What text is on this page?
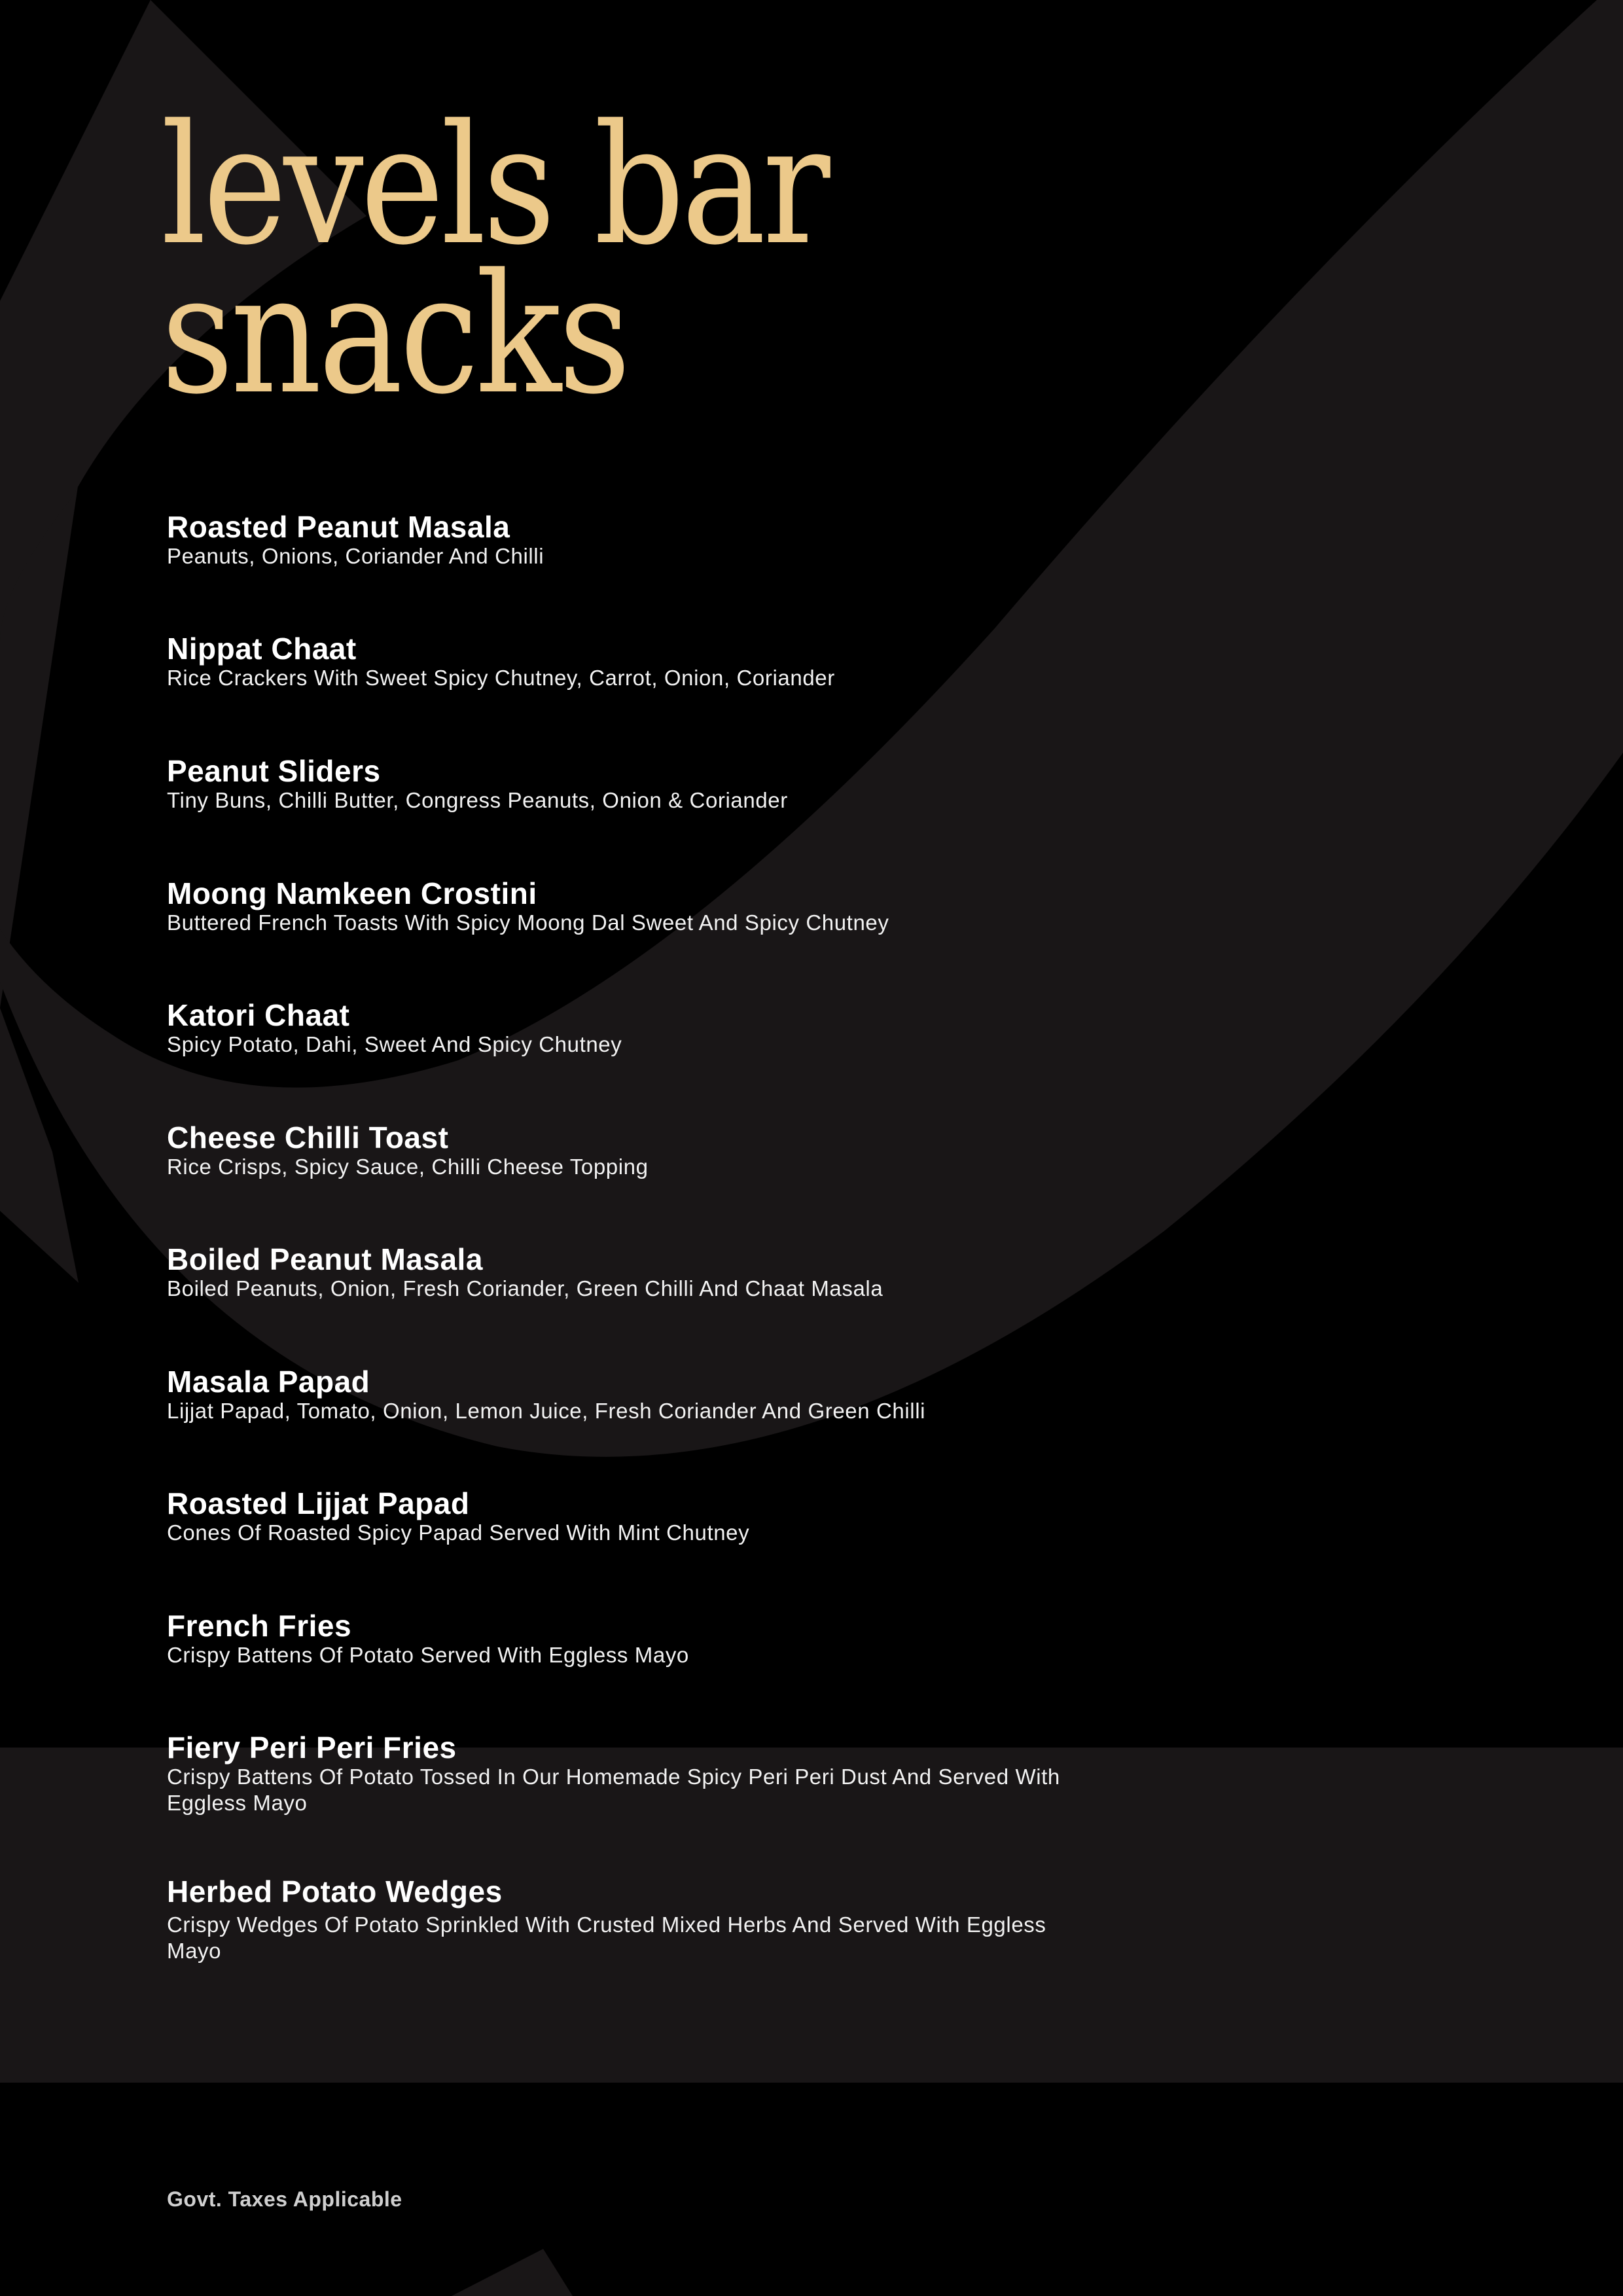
levels bar
snacks
Roasted Peanut Masala
Peanuts, Onions, Coriander And Chilli
Nippat Chaat
Rice Crackers With Sweet Spicy Chutney, Carrot, Onion, Coriander
Peanut Sliders
Tiny Buns, Chilli Butter, Congress Peanuts, Onion & Coriander
Moong Namkeen Crostini
Buttered French Toasts With Spicy Moong Dal Sweet And Spicy Chutney
Katori Chaat
Spicy Potato, Dahi, Sweet And Spicy Chutney
Cheese Chilli Toast
Rice Crisps, Spicy Sauce, Chilli Cheese Topping
Boiled Peanut Masala
Boiled Peanuts, Onion, Fresh Coriander, Green Chilli And Chaat Masala
Masala Papad
Lijjat Papad, Tomato, Onion, Lemon Juice, Fresh Coriander And Green Chilli
Roasted Lijjat Papad
Cones Of Roasted Spicy Papad Served With Mint Chutney
French Fries
Crispy Battens Of Potato Served With Eggless Mayo
Fiery Peri Peri Fries
Crispy Battens Of Potato Tossed In Our Homemade Spicy Peri Peri Dust And Served With Eggless Mayo
Herbed Potato Wedges
Crispy Wedges Of Potato Sprinkled With Crusted Mixed Herbs And Served With Eggless Mayo
Govt. Taxes Applicable
